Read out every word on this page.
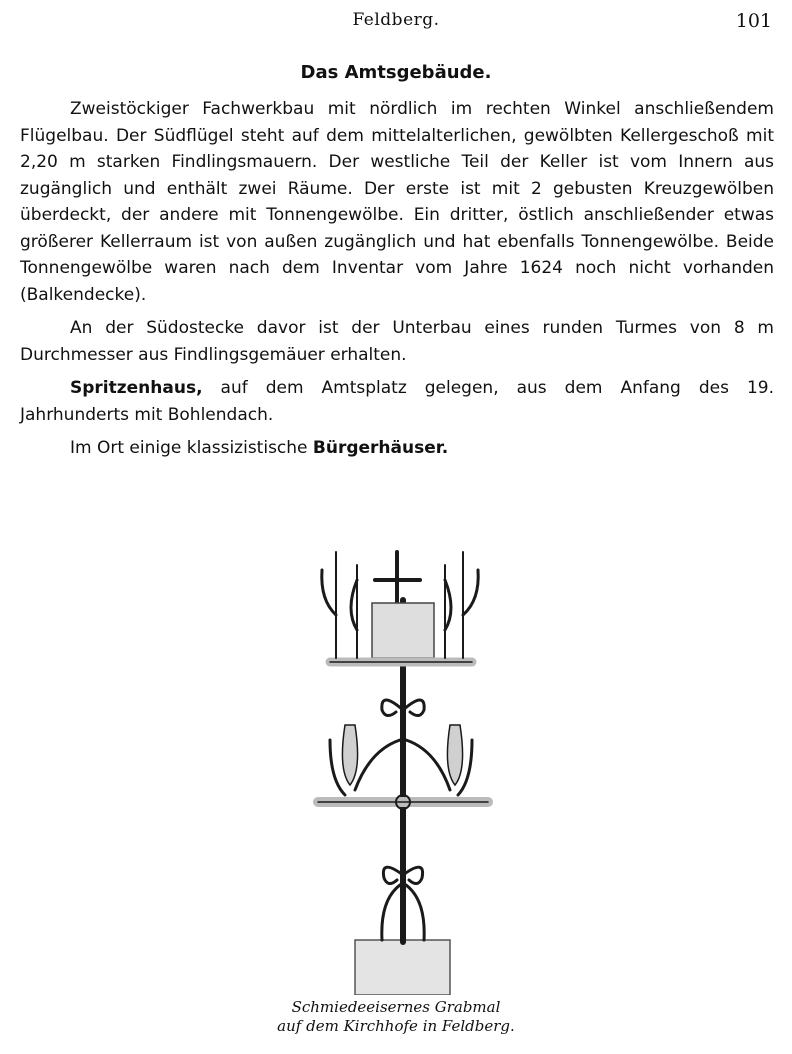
Feldberg.	101
Das Amtsgebäude.

Zweistöckiger Fachwerkbau mit nördlich im rechten Winkel anschließendem Flügelbau. Der Südflügel steht auf dem mittelalterlichen, gewölbten Kellergeschoß mit 2,20 m starken Findlingsmauern. Der westliche Teil der Keller ist vom Innern aus zugänglich und enthält zwei Räume. Der erste ist mit 2 gebusten Kreuzgewölben überdeckt, der andere mit Tonnengewölbe. Ein dritter, östlich anschließender etwas größerer Kellerraum ist von außen zugänglich und hat ebenfalls Tonnengewölbe. Beide Tonnengewölbe waren nach dem Inventar vom Jahre 1624 noch nicht vorhanden (Balkendecke).

An der Südostecke davor ist der Unterbau eines runden Turmes von 8 m Durchmesser aus Findlingsgemäuer erhalten.

Spritzenhaus, auf dem Amtsplatz gelegen, aus dem Anfang des 19. Jahrhunderts mit Bohlendach.

Im Ort einige klassizistische Bürgerhäuser.

Schmiedeeisernes Grabmal
auf dem Kirchhofe in Feldberg.
